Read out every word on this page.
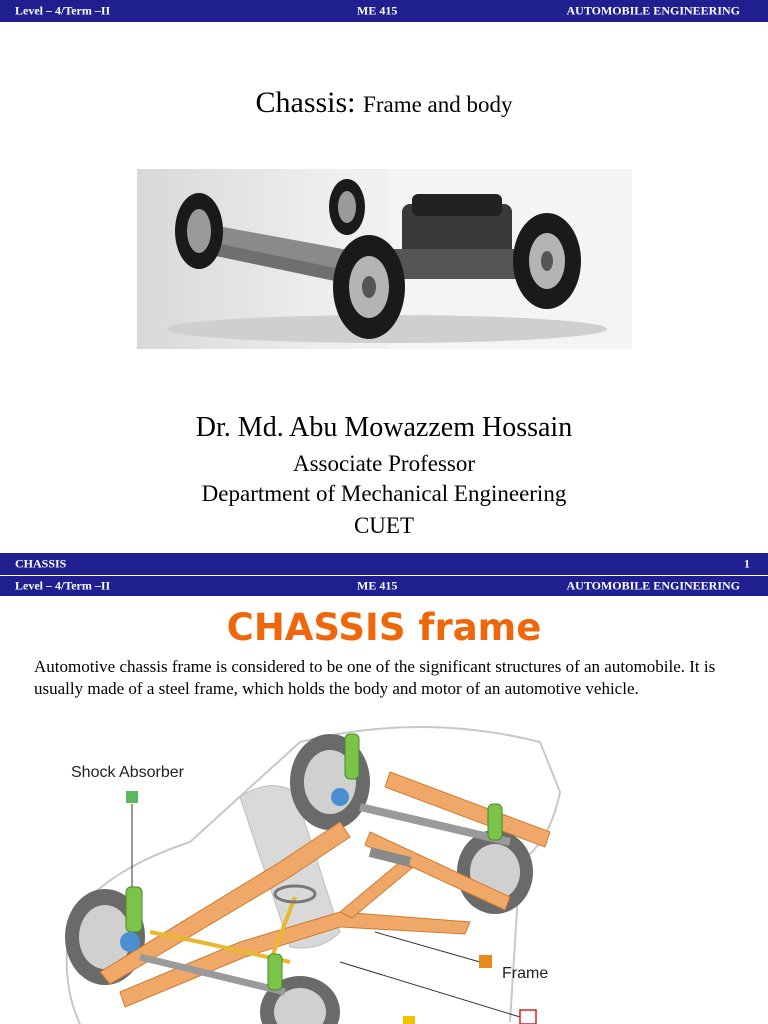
Level – 4/Term –II	ME 415	AUTOMOBILE ENGINEERING
Chassis: Frame and body
Dr. Md. Abu Mowazzem Hossain
Associate Professor
Department of Mechanical Engineering
CUET
CHASSIS	1
Level – 4/Term –II	ME 415	AUTOMOBILE ENGINEERING
CHASSIS frame
Automotive chassis frame is considered to be one of the significant structures of an automobile. It is usually made of a steel frame, which holds the body and motor of an automotive vehicle.
Shock Absorber
Frame
